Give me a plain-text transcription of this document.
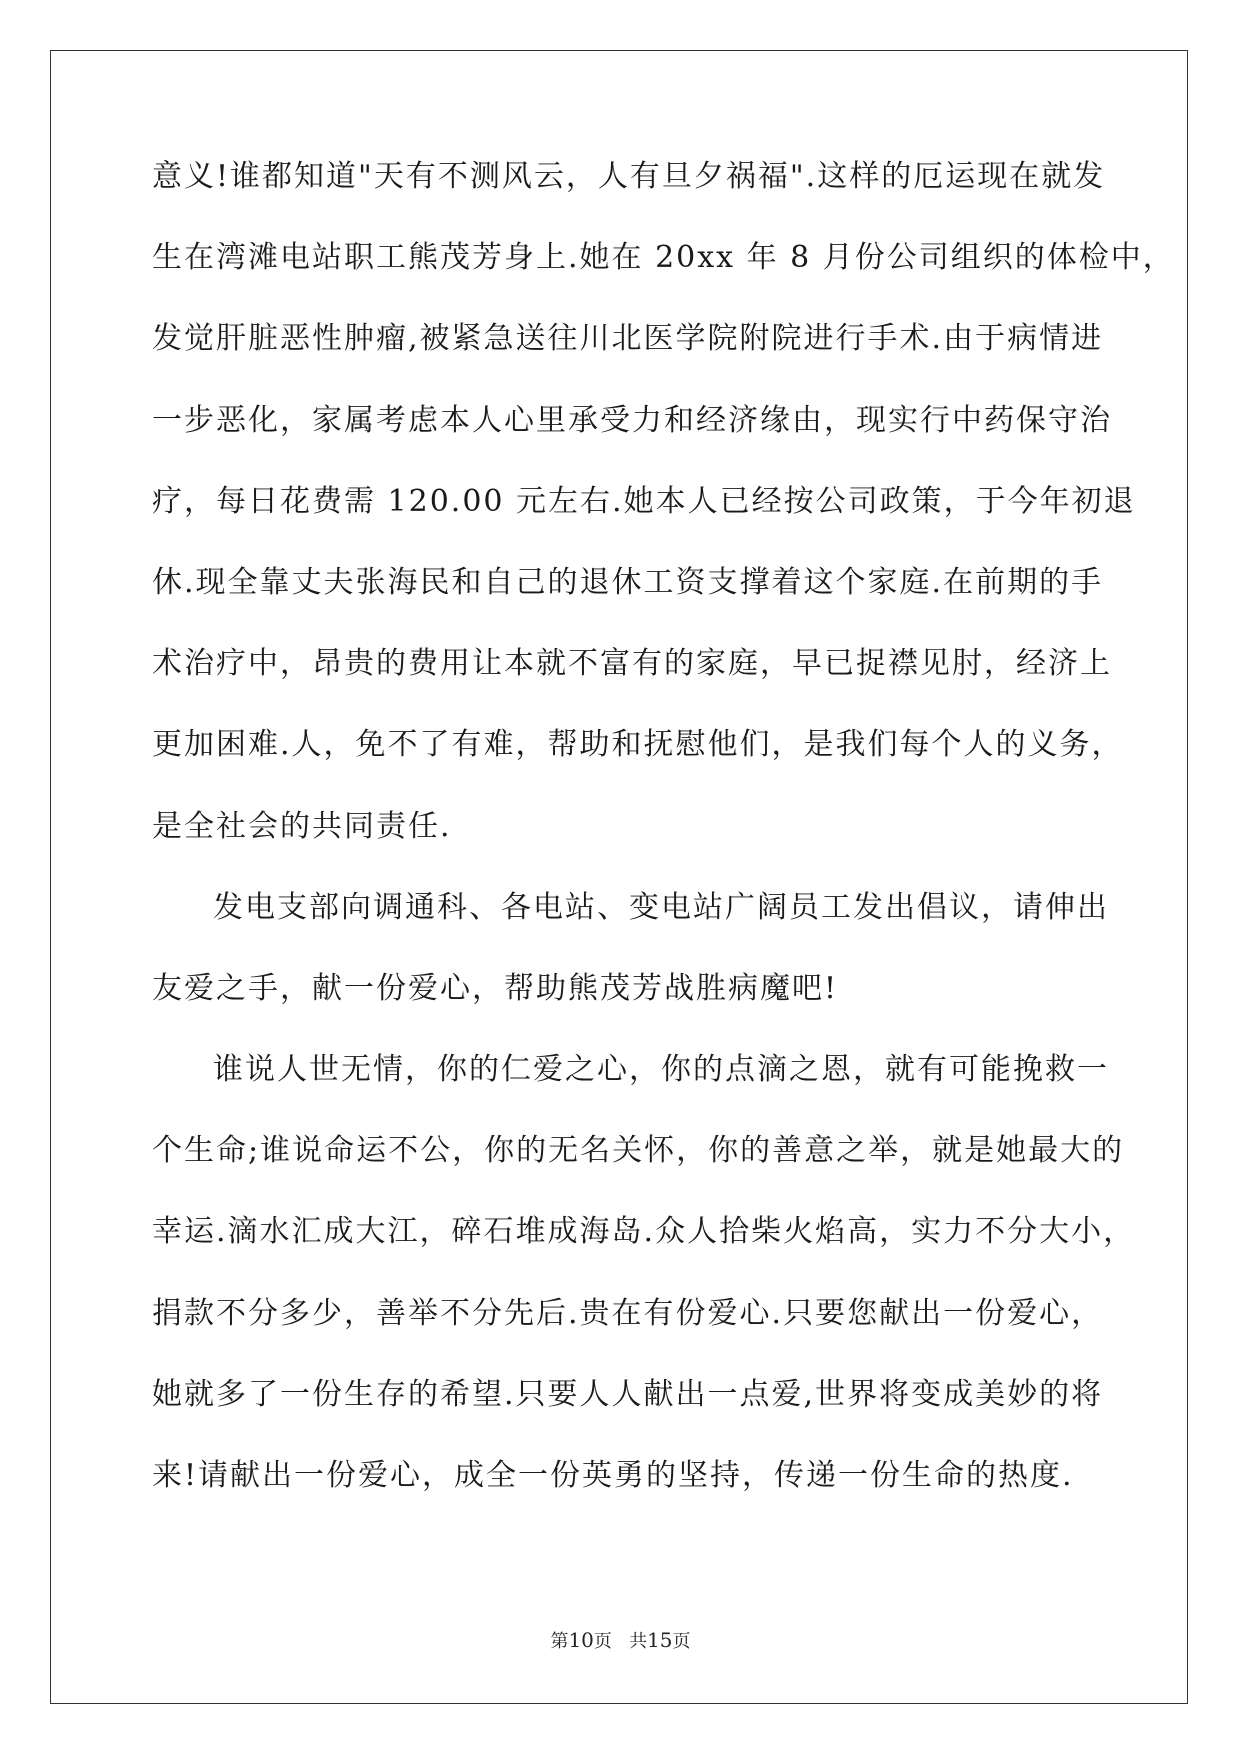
意义!谁都知道"天有不测风云，人有旦夕祸福".这样的厄运现在就发
生在湾滩电站职工熊茂芳身上.她在 20xx 年 8 月份公司组织的体检中，
发觉肝脏恶性肿瘤,被紧急送往川北医学院附院进行手术.由于病情进
一步恶化，家属考虑本人心里承受力和经济缘由，现实行中药保守治
疗，每日花费需 120.00 元左右.她本人已经按公司政策，于今年初退
休.现全靠丈夫张海民和自己的退休工资支撑着这个家庭.在前期的手
术治疗中，昂贵的费用让本就不富有的家庭，早已捉襟见肘，经济上
更加困难.人，免不了有难，帮助和抚慰他们，是我们每个人的义务，
是全社会的共同责任.
发电支部向调通科、各电站、变电站广阔员工发出倡议，请伸出
友爱之手，献一份爱心，帮助熊茂芳战胜病魔吧!
谁说人世无情，你的仁爱之心，你的点滴之恩，就有可能挽救一
个生命;谁说命运不公，你的无名关怀，你的善意之举，就是她最大的
幸运.滴水汇成大江，碎石堆成海岛.众人拾柴火焰高，实力不分大小，
捐款不分多少，善举不分先后.贵在有份爱心.只要您献出一份爱心，
她就多了一份生存的希望.只要人人献出一点爱,世界将变成美妙的将
来!请献出一份爱心，成全一份英勇的坚持，传递一份生命的热度.
第10页 共15页
